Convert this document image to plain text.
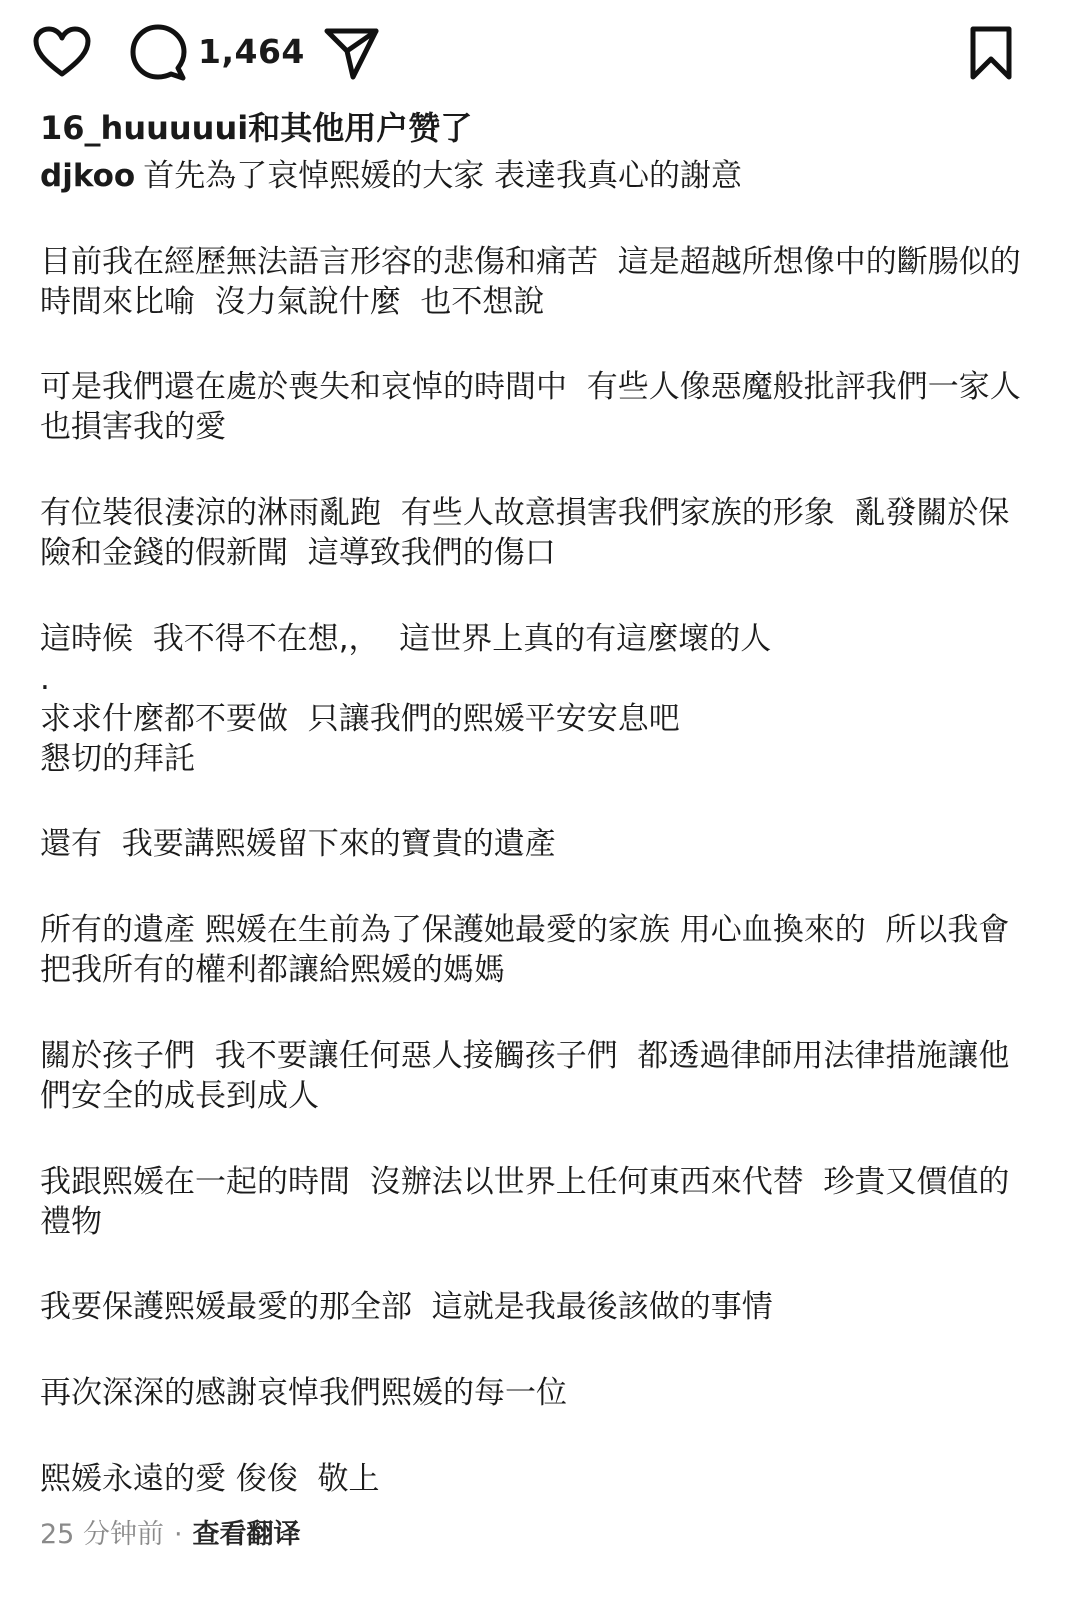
1,464
16_huuuuui和其他用户赞了
djkoo 首先為了哀悼熙媛的大家 表達我真心的謝意

目前我在經歷無法語言形容的悲傷和痛苦  這是超越所想像中的斷腸似的時間來比喻  沒力氣說什麼  也不想說

可是我們還在處於喪失和哀悼的時間中  有些人像惡魔般批評我們一家人  也損害我的愛

有位裝很淒涼的淋雨亂跑  有些人故意損害我們家族的形象  亂發關於保險和金錢的假新聞  這導致我們的傷口

這時候  我不得不在想,，  這世界上真的有這麼壞的人
.
求求什麼都不要做  只讓我們的熙媛平安安息吧
懇切的拜託

還有  我要講熙媛留下來的寶貴的遺產

所有的遺產 熙媛在生前為了保護她最愛的家族 用心血換來的  所以我會把我所有的權利都讓給熙媛的媽媽

關於孩子們  我不要讓任何惡人接觸孩子們  都透過律師用法律措施讓他們安全的成長到成人

我跟熙媛在一起的時間  沒辦法以世界上任何東西來代替  珍貴又價值的禮物

我要保護熙媛最愛的那全部  這就是我最後該做的事情

再次深深的感謝哀悼我們熙媛的每一位

熙媛永遠的愛 俊俊  敬上

25 分钟前 · 查看翻译
